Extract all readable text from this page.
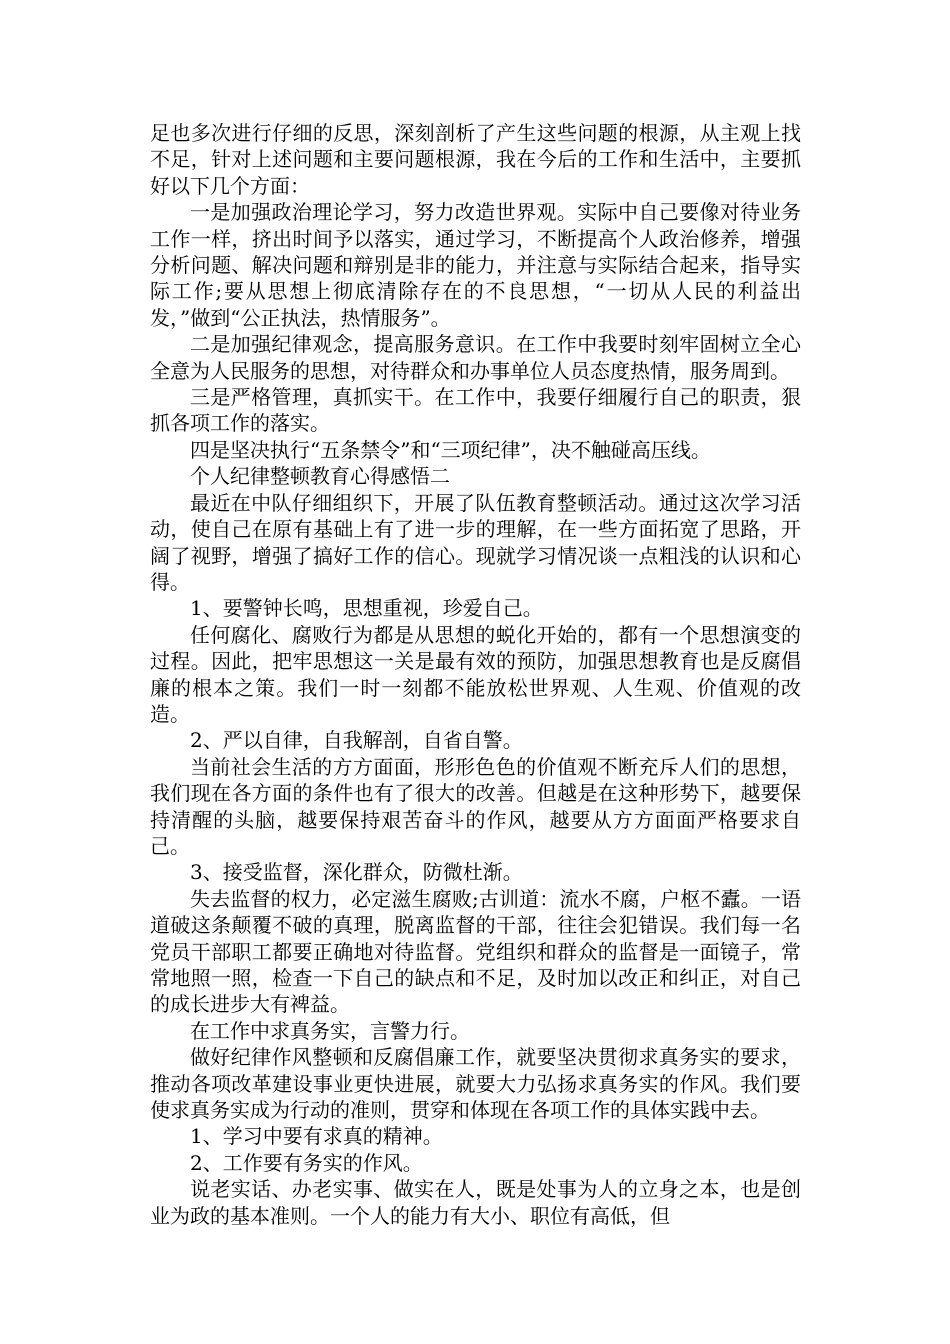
足也多次进行仔细的反思，深刻剖析了产生这些问题的根源，从主观上找不足，针对上述问题和主要问题根源，我在今后的工作和生活中，主要抓好以下几个方面：

一是加强政治理论学习，努力改造世界观。实际中自己要像对待业务工作一样，挤出时间予以落实，通过学习，不断提高个人政治修养，增强分析问题、解决问题和辩别是非的能力，并注意与实际结合起来，指导实际工作;要从思想上彻底清除存在的不良思想，“一切从人民的利益出发，”做到“公正执法，热情服务”。

二是加强纪律观念，提高服务意识。在工作中我要时刻牢固树立全心全意为人民服务的思想，对待群众和办事单位人员态度热情，服务周到。

三是严格管理，真抓实干。在工作中，我要仔细履行自己的职责，狠抓各项工作的落实。

四是坚决执行“五条禁令”和“三项纪律”，决不触碰高压线。

个人纪律整顿教育心得感悟二

最近在中队仔细组织下，开展了队伍教育整顿活动。通过这次学习活动，使自己在原有基础上有了进一步的理解，在一些方面拓宽了思路，开阔了视野，增强了搞好工作的信心。现就学习情况谈一点粗浅的认识和心得。

1、要警钟长鸣，思想重视，珍爱自己。

任何腐化、腐败行为都是从思想的蜕化开始的，都有一个思想演变的过程。因此，把牢思想这一关是最有效的预防，加强思想教育也是反腐倡廉的根本之策。我们一时一刻都不能放松世界观、人生观、价值观的改造。

2、严以自律，自我解剖，自省自警。

当前社会生活的方方面面，形形色色的价值观不断充斥人们的思想，我们现在各方面的条件也有了很大的改善。但越是在这种形势下，越要保持清醒的头脑，越要保持艰苦奋斗的作风，越要从方方面面严格要求自己。

3、接受监督，深化群众，防微杜渐。

失去监督的权力，必定滋生腐败;古训道：流水不腐，户枢不蠹。一语道破这条颠覆不破的真理，脱离监督的干部，往往会犯错误。我们每一名党员干部职工都要正确地对待监督。党组织和群众的监督是一面镜子，常常地照一照，检查一下自己的缺点和不足，及时加以改正和纠正，对自己的成长进步大有裨益。

在工作中求真务实，言警力行。

做好纪律作风整顿和反腐倡廉工作，就要坚决贯彻求真务实的要求，推动各项改革建设事业更快进展，就要大力弘扬求真务实的作风。我们要使求真务实成为行动的准则，贯穿和体现在各项工作的具体实践中去。

1、学习中要有求真的精神。

2、工作要有务实的作风。

说老实话、办老实事、做实在人，既是处事为人的立身之本，也是创业为政的基本准则。一个人的能力有大小、职位有高低，但
